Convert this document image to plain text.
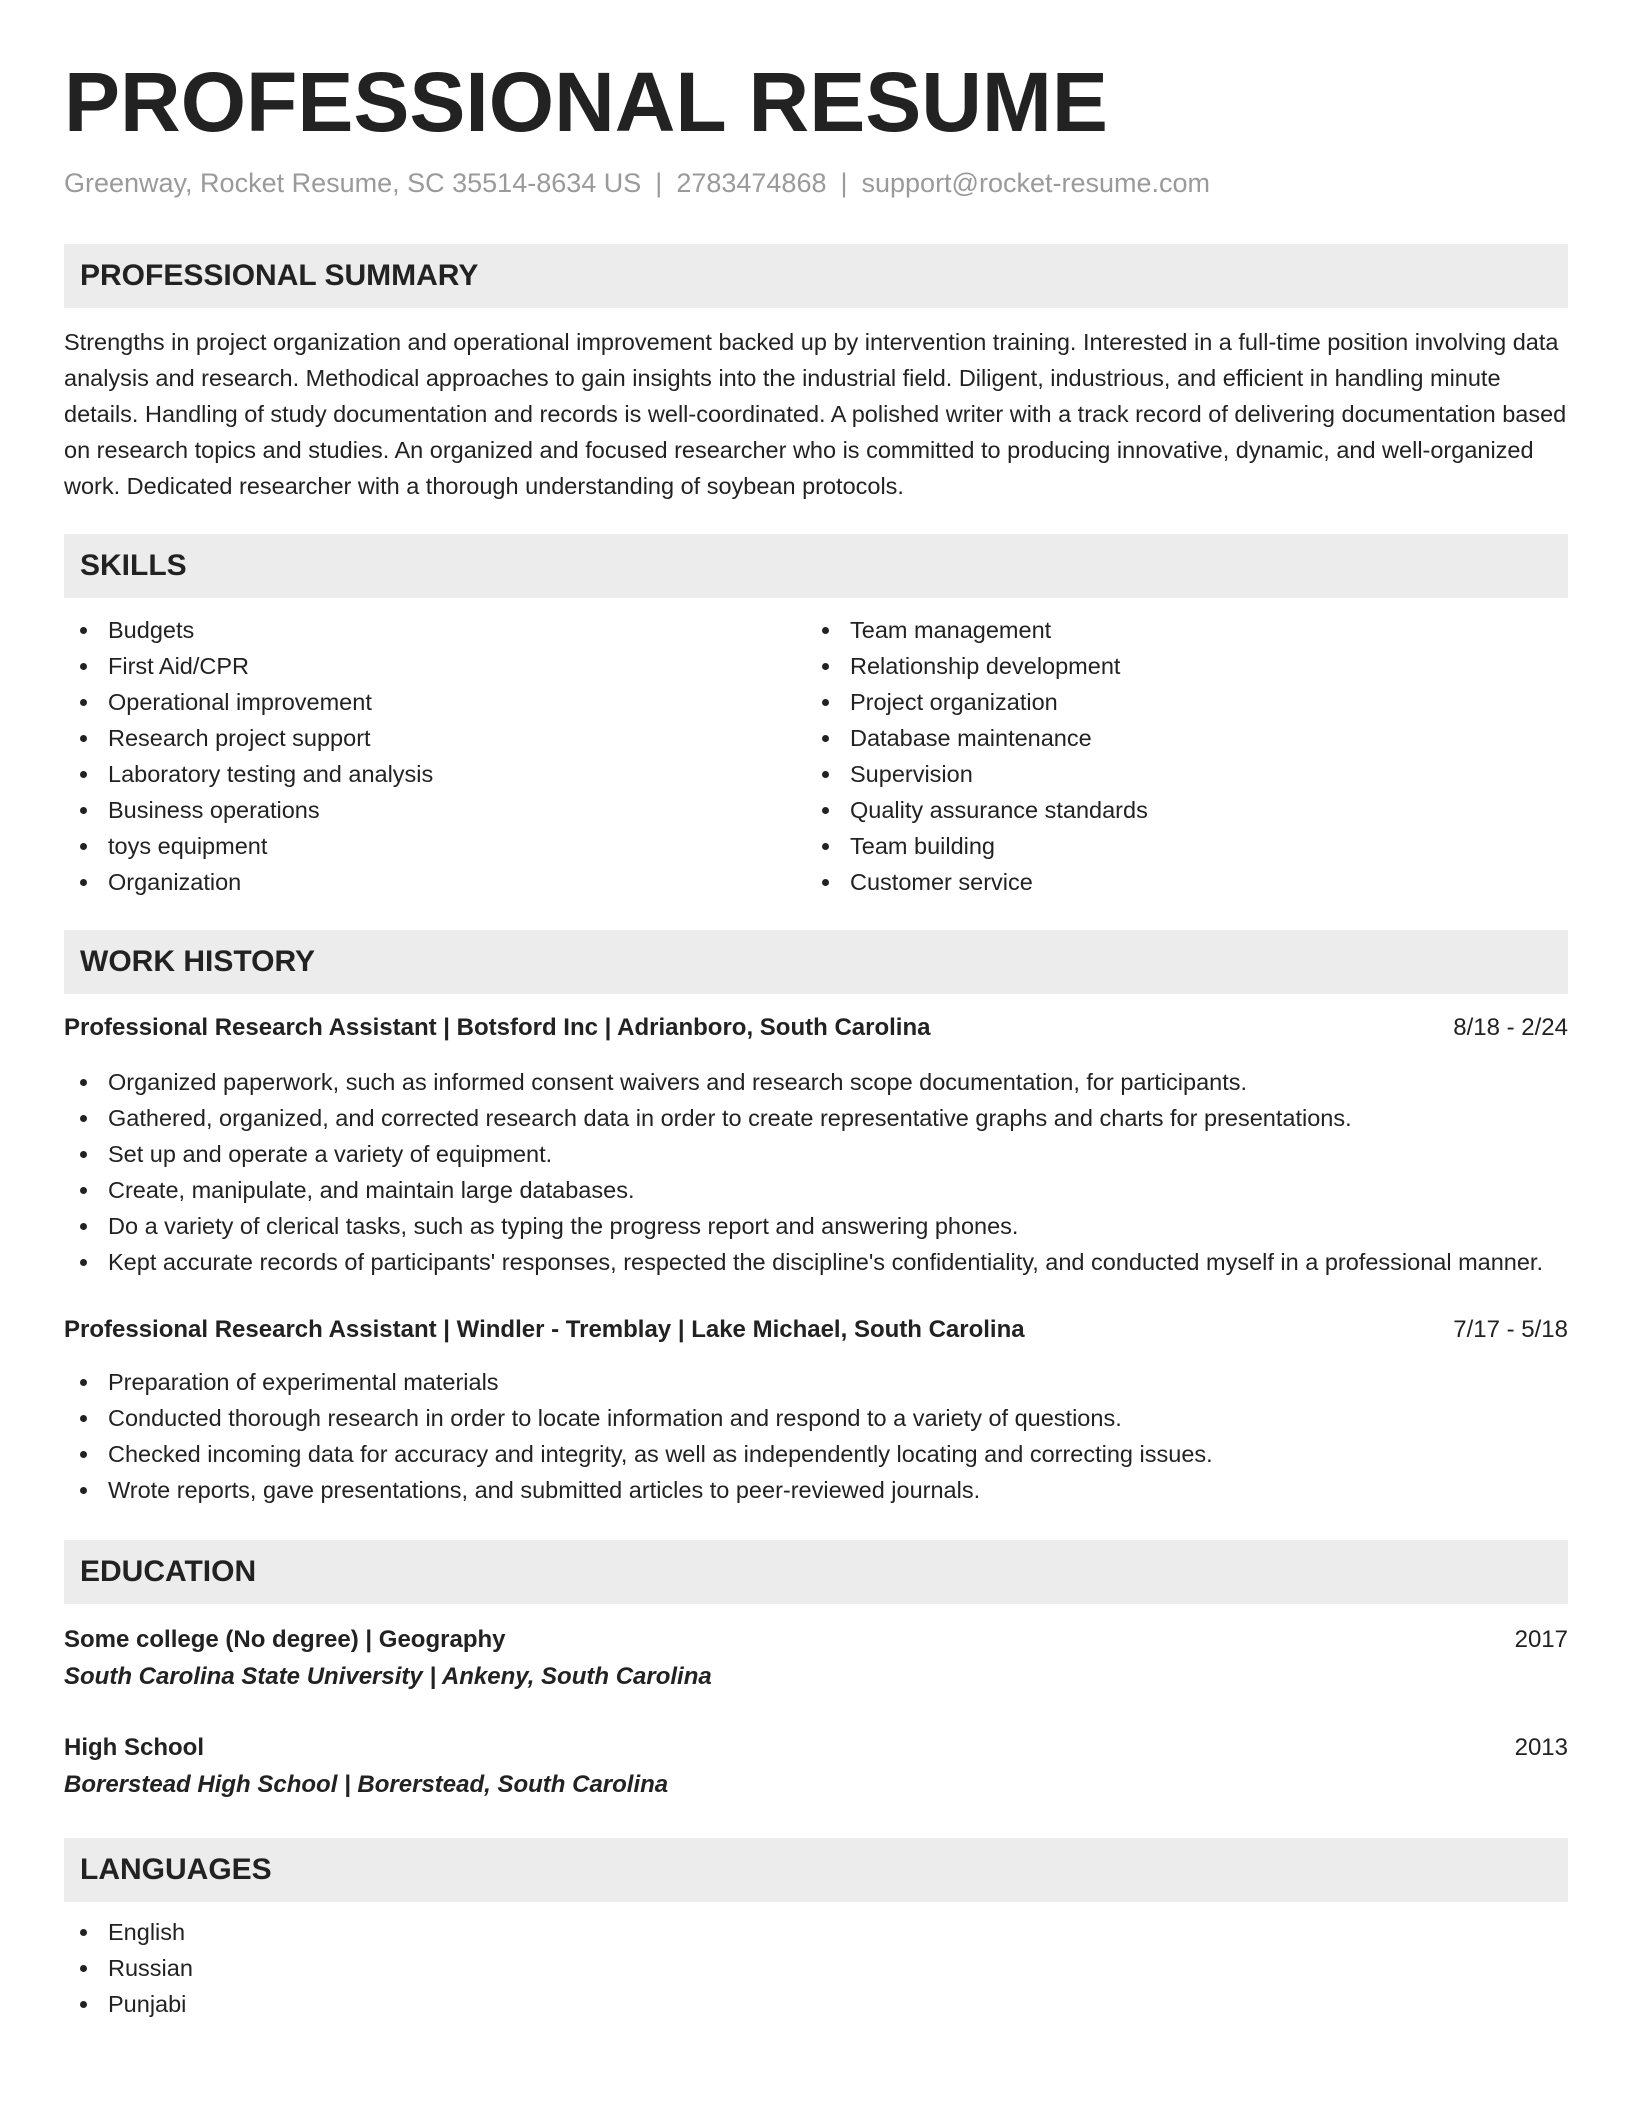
PROFESSIONAL RESUME
Greenway, Rocket Resume, SC 35514-8634 US | 2783474868 | support@rocket-resume.com
PROFESSIONAL SUMMARY

Strengths in project organization and operational improvement backed up by intervention training. Interested in a full-time position involving data analysis and research. Methodical approaches to gain insights into the industrial field. Diligent, industrious, and efficient in handling minute details. Handling of study documentation and records is well-coordinated. A polished writer with a track record of delivering documentation based on research topics and studies. An organized and focused researcher who is committed to producing innovative, dynamic, and well-organized work. Dedicated researcher with a thorough understanding of soybean protocols.

SKILLS
Budgets
First Aid/CPR
Operational improvement
Research project support
Laboratory testing and analysis
Business operations
toys equipment
Organization
Team management
Relationship development
Project organization
Database maintenance
Supervision
Quality assurance standards
Team building
Customer service
WORK HISTORY
Professional Research Assistant | Botsford Inc | Adrianboro, South Carolina	8/18 - 2/24
Organized paperwork, such as informed consent waivers and research scope documentation, for participants.
Gathered, organized, and corrected research data in order to create representative graphs and charts for presentations.
Set up and operate a variety of equipment.
Create, manipulate, and maintain large databases.
Do a variety of clerical tasks, such as typing the progress report and answering phones.
Kept accurate records of participants' responses, respected the discipline's confidentiality, and conducted myself in a professional manner.
Professional Research Assistant | Windler - Tremblay | Lake Michael, South Carolina	7/17 - 5/18
Preparation of experimental materials
Conducted thorough research in order to locate information and respond to a variety of questions.
Checked incoming data for accuracy and integrity, as well as independently locating and correcting issues.
Wrote reports, gave presentations, and submitted articles to peer-reviewed journals.
EDUCATION
Some college (No degree) | Geography	2017
South Carolina State University | Ankeny, South Carolina
High School	2013
Borerstead High School | Borerstead, South Carolina
LANGUAGES
English
Russian
Punjabi
